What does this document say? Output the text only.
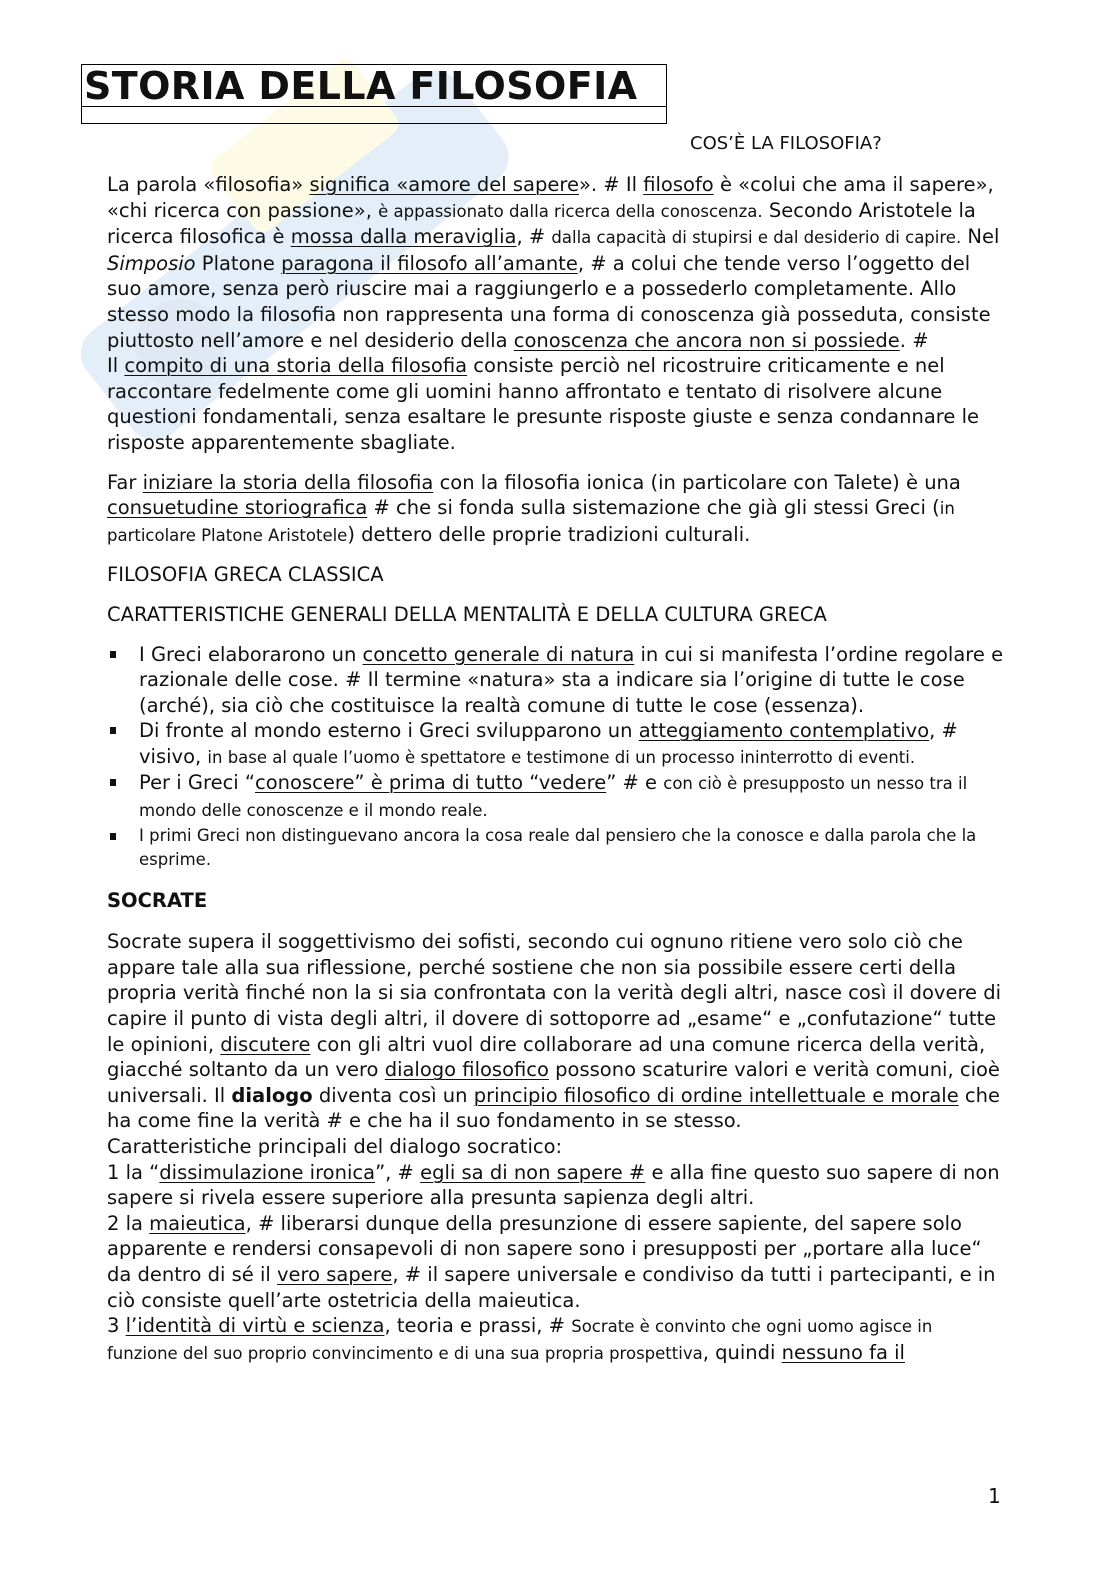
STORIA DELLA FILOSOFIA
COS’È LA FILOSOFIA?

La parola «filosofia» significa «amore del sapere». # Il filosofo è «colui che ama il sapere», «chi ricerca con passione», è appassionato dalla ricerca della conoscenza. Secondo Aristotele la ricerca filosofica è mossa dalla meraviglia, # dalla capacità di stupirsi e dal desiderio di capire. Nel Simposio Platone paragona il filosofo all’amante, # a colui che tende verso l’oggetto del suo amore, senza però riuscire mai a raggiungerlo e a possederlo completamente. Allo stesso modo la filosofia non rappresenta una forma di conoscenza già posseduta, consiste piuttosto nell’amore e nel desiderio della conoscenza che ancora non si possiede. #

Il compito di una storia della filosofia consiste perciò nel ricostruire criticamente e nel raccontare fedelmente come gli uomini hanno affrontato e tentato di risolvere alcune questioni fondamentali, senza esaltare le presunte risposte giuste e senza condannare le risposte apparentemente sbagliate.

Far iniziare la storia della filosofia con la filosofia ionica (in particolare con Talete) è una consuetudine storiografica # che si fonda sulla sistemazione che già gli stessi Greci (in particolare Platone Aristotele) dettero delle proprie tradizioni culturali.

FILOSOFIA GRECA CLASSICA

CARATTERISTICHE GENERALI DELLA MENTALITÀ E DELLA CULTURA GRECA

I Greci elaborarono un concetto generale di natura in cui si manifesta l’ordine regolare e razionale delle cose. # Il termine «natura» sta a indicare sia l’origine di tutte le cose (arché), sia ciò che costituisce la realtà comune di tutte le cose (essenza).
Di fronte al mondo esterno i Greci svilupparono un atteggiamento contemplativo, # visivo, in base al quale l’uomo è spettatore e testimone di un processo ininterrotto di eventi.
Per i Greci “conoscere” è prima di tutto “vedere” # e con ciò è presupposto un nesso tra il mondo delle conoscenze e il mondo reale.
I primi Greci non distinguevano ancora la cosa reale dal pensiero che la conosce e dalla parola che la esprime.

SOCRATE

Socrate supera il soggettivismo dei sofisti, secondo cui ognuno ritiene vero solo ciò che appare tale alla sua riflessione, perché sostiene che non sia possibile essere certi della propria verità finché non la si sia confrontata con la verità degli altri, nasce così il dovere di capire il punto di vista degli altri, il dovere di sottoporre ad „esame“ e „confutazione“ tutte le opinioni, discutere con gli altri vuol dire collaborare ad una comune ricerca della verità, giacché soltanto da un vero dialogo filosofico possono scaturire valori e verità comuni, cioè universali. Il dialogo diventa così un principio filosofico di ordine intellettuale e morale che ha come fine la verità # e che ha il suo fondamento in se stesso.

Caratteristiche principali del dialogo socratico:

1 la “dissimulazione ironica”, # egli sa di non sapere # e alla fine questo suo sapere di non sapere si rivela essere superiore alla presunta sapienza degli altri.

2 la maieutica, # liberarsi dunque della presunzione di essere sapiente, del sapere solo apparente e rendersi consapevoli di non sapere sono i presupposti per „portare alla luce“ da dentro di sé il vero sapere, # il sapere universale e condiviso da tutti i partecipanti, e in ciò consiste quell’arte ostetricia della maieutica.

3 l’identità di virtù e scienza, teoria e prassi, # Socrate è convinto che ogni uomo agisce in funzione del suo proprio convincimento e di una sua propria prospettiva, quindi nessuno fa il

1
